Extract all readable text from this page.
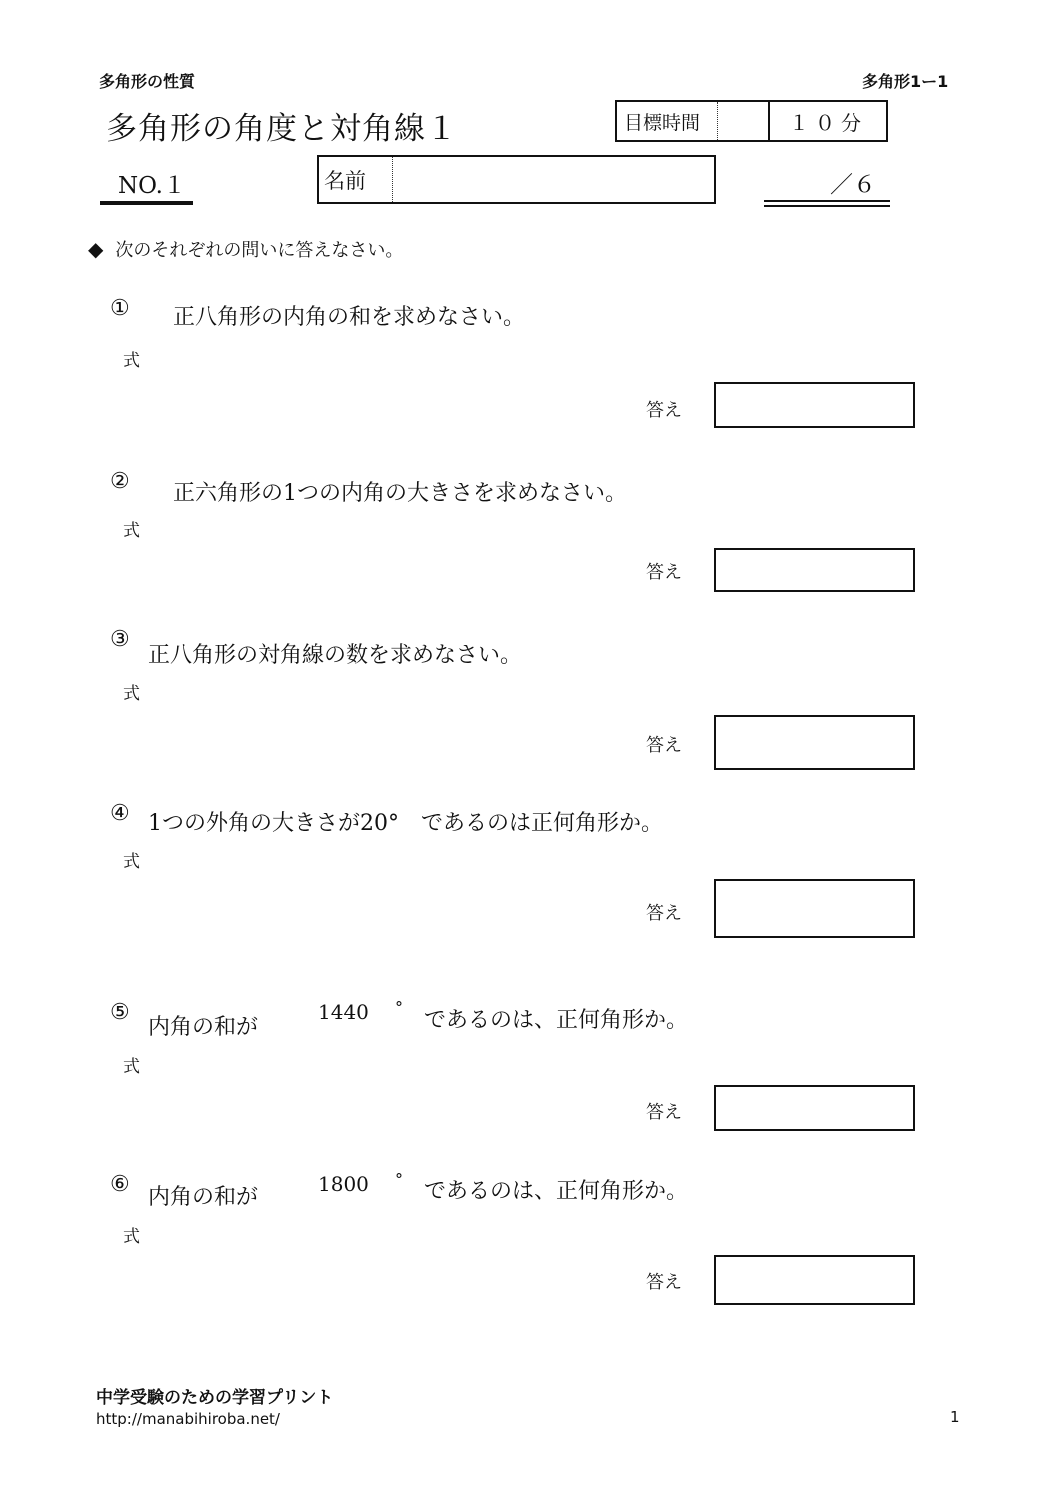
多角形の性質	多角形1ー1
多角形の角度と対角線１	目標時間	１０分
NO.１	名前	／６
◆ 次のそれぞれの問いに答えなさい。
① 正八角形の内角の和を求めなさい。
式
答え
② 正六角形の1つの内角の大きさを求めなさい。
式
答え
③
正八角形の対角線の数を求めなさい。
式
答え
④ 1つの外角の大きさが20°　であるのは正何角形か。
式
答え
⑤
内角の和が
1440 °
であるのは、正何角形か。
式
答え
⑥
内角の和が
1800 ° であるのは、正何角形か。
式
答え
中学受験のための学習プリント
http://manabihiroba.net/	1
